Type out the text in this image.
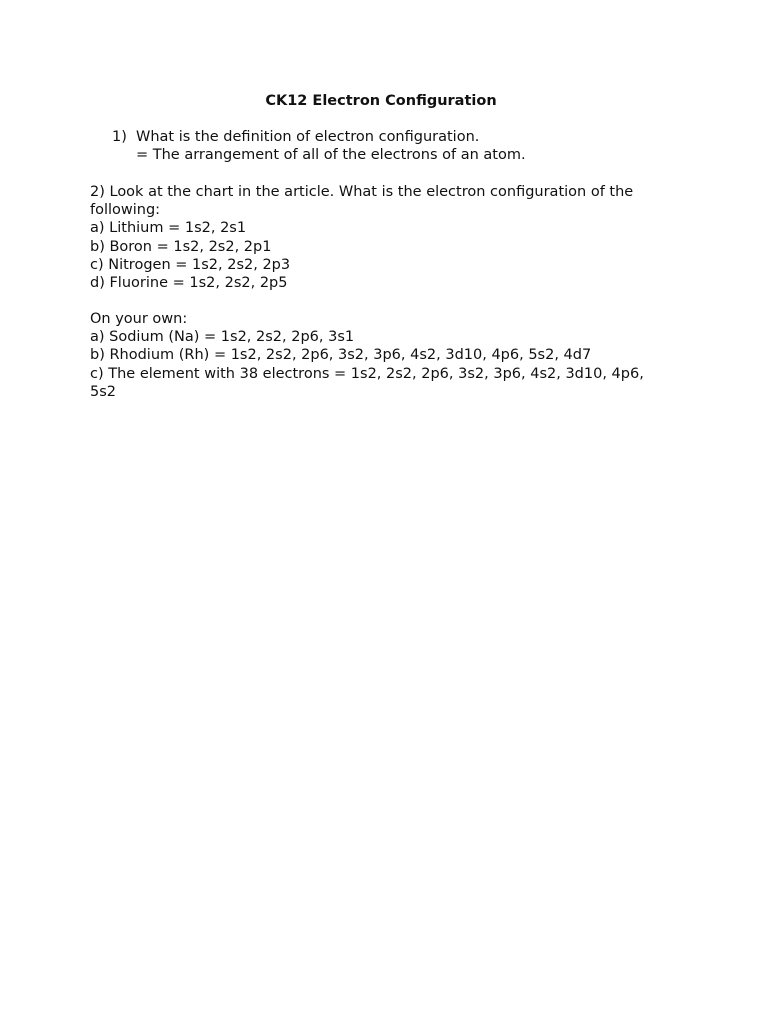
CK12 Electron Configuration
1) What is the definition of electron configuration.
= The arrangement of all of the electrons of an atom.
2) Look at the chart in the article. What is the electron configuration of the
following:
a) Lithium = 1s2, 2s1
b) Boron = 1s2, 2s2, 2p1
c) Nitrogen = 1s2, 2s2, 2p3
d) Fluorine = 1s2, 2s2, 2p5
On your own:
a) Sodium (Na) = 1s2, 2s2, 2p6, 3s1
b) Rhodium (Rh) = 1s2, 2s2, 2p6, 3s2, 3p6, 4s2, 3d10, 4p6, 5s2, 4d7
c) The element with 38 electrons = 1s2, 2s2, 2p6, 3s2, 3p6, 4s2, 3d10, 4p6,
5s2
